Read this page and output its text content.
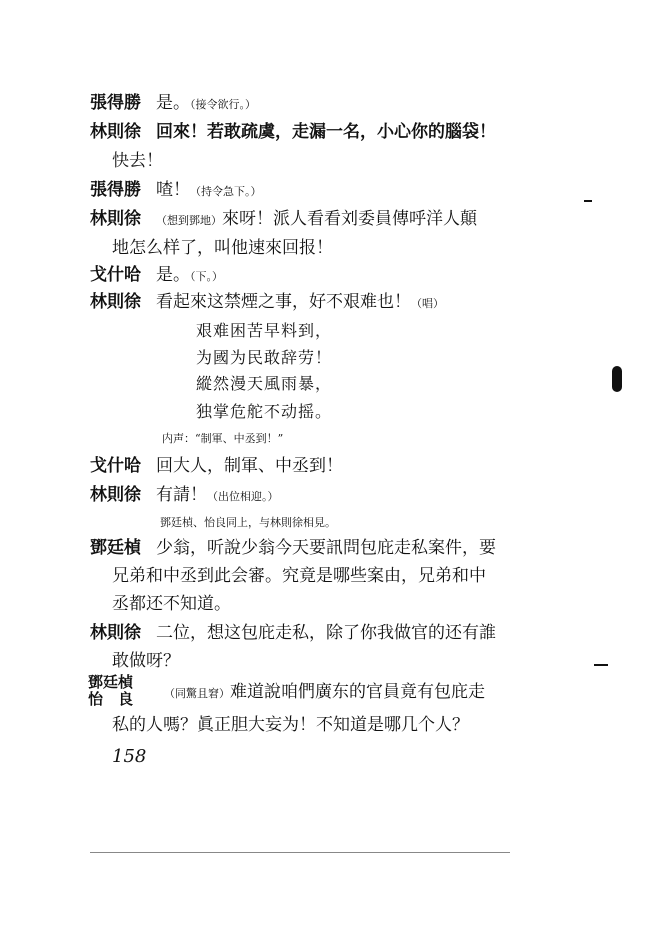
張得勝 是。（接令欲行。）
林則徐 回來！若敢疏虞，走漏一名，小心你的腦袋！
快去！
張得勝 喳！（持令急下。）
林則徐 （想到鄧地）來呀！派人看看刘委員傳呼洋人顛
地怎么样了，叫他速來回报！
戈什哈 是。（下。）
林則徐 看起來这禁煙之事，好不艰难也！（唱）
艰难困苦早料到，
为國为民敢辞劳！
縱然漫天風雨暴，
独掌危舵不动摇。
内声：“制軍、中丞到！”
戈什哈 回大人，制軍、中丞到！
林則徐 有請！（出位相迎。）
鄧廷楨、怡良同上，与林則徐相見。
鄧廷楨 少翁，听說少翁今天要訊問包庇走私案件，要
兄弟和中丞到此会審。究竟是哪些案由，兄弟和中
丞都还不知道。
林則徐 二位，想这包庇走私，除了你我做官的还有誰
敢做呀？
鄧廷楨
怡　良	（同驚且窘）难道說咱們廣东的官員竟有包庇走
私的人嗎？眞正胆大妄为！不知道是哪几个人？
158
